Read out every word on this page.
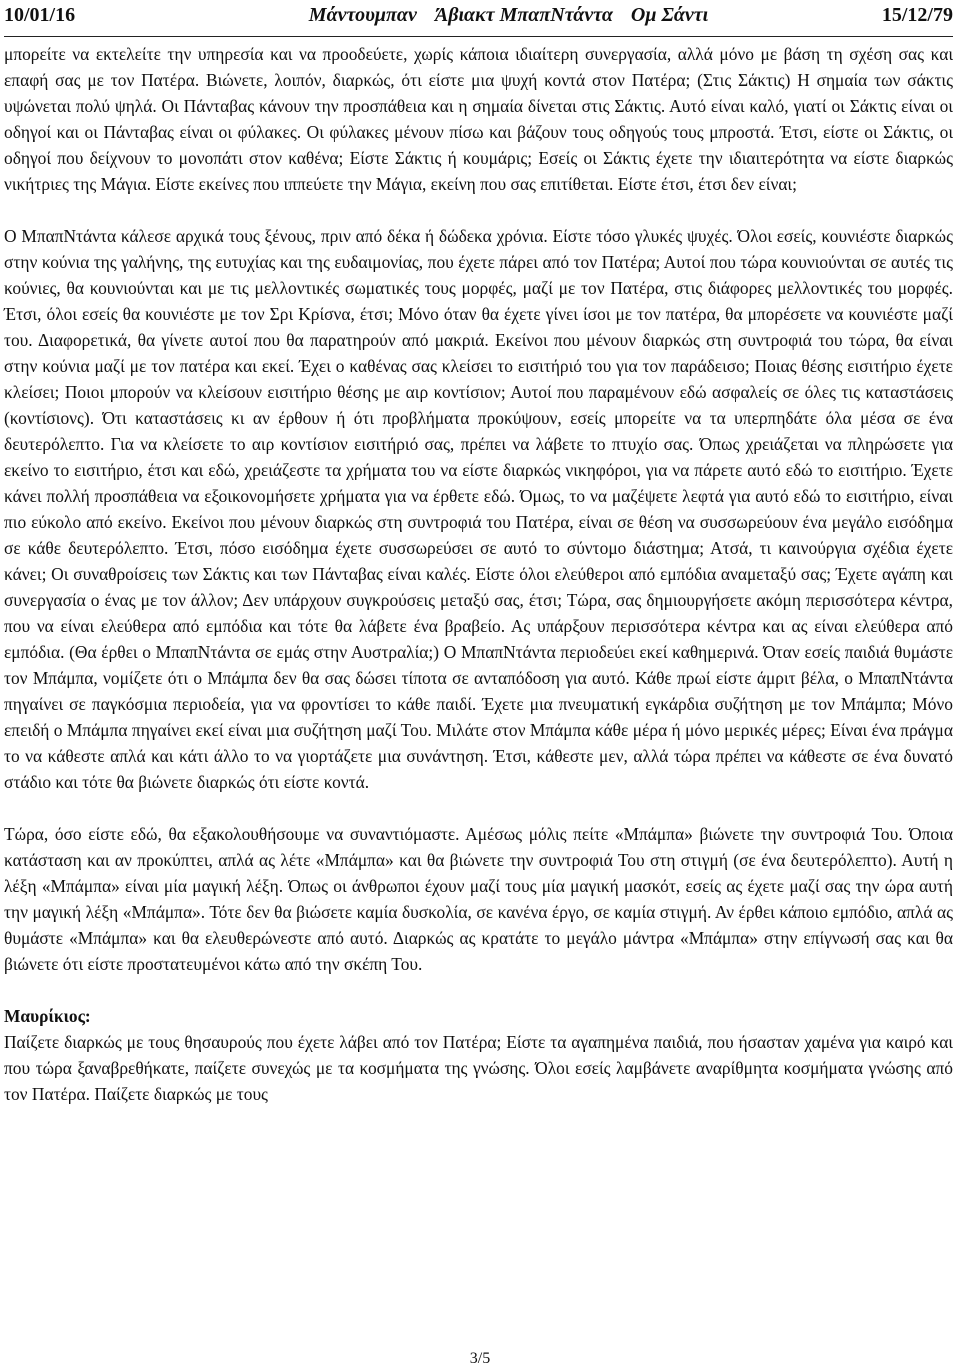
10/01/16	Μάντουμπαν Άβιακτ ΜπαπΝτάντα Ομ Σάντι	15/12/79

μπορείτε να εκτελείτε την υπηρεσία και να προοδεύετε, χωρίς κάποια ιδιαίτερη συνεργασία, αλλά μόνο με βάση τη σχέση σας και επαφή σας με τον Πατέρα. Βιώνετε, λοιπόν, διαρκώς, ότι είστε μια ψυχή κοντά στον Πατέρα; (Στις Σάκτις) Η σημαία των σάκτις υψώνεται πολύ ψηλά. Οι Πάνταβας κάνουν την προσπάθεια και η σημαία δίνεται στις Σάκτις. Αυτό είναι καλό, γιατί οι Σάκτις είναι οι οδηγοί και οι Πάνταβας είναι οι φύλακες. Οι φύλακες μένουν πίσω και βάζουν τους οδηγούς τους μπροστά. Έτσι, είστε οι Σάκτις, οι οδηγοί που δείχνουν το μονοπάτι στον καθένα; Είστε Σάκτις ή κουμάρις; Εσείς οι Σάκτις έχετε την ιδιαιτερότητα να είστε διαρκώς νικήτριες της Μάγια. Είστε εκείνες που ιππεύετε την Μάγια, εκείνη που σας επιτίθεται. Είστε έτσι, έτσι δεν είναι;

Ο ΜπαπΝτάντα κάλεσε αρχικά τους ξένους, πριν από δέκα ή δώδεκα χρόνια. Είστε τόσο γλυκές ψυχές. Όλοι εσείς, κουνιέστε διαρκώς στην κούνια της γαλήνης, της ευτυχίας και της ευδαιμονίας, που έχετε πάρει από τον Πατέρα; Αυτοί που τώρα κουνιούνται σε αυτές τις κούνιες, θα κουνιούνται και με τις μελλοντικές σωματικές τους μορφές, μαζί με τον Πατέρα, στις διάφορες μελλοντικές του μορφές. Έτσι, όλοι εσείς θα κουνιέστε με τον Σρι Κρίσνα, έτσι; Μόνο όταν θα έχετε γίνει ίσοι με τον πατέρα, θα μπορέσετε να κουνιέστε μαζί του. Διαφορετικά, θα γίνετε αυτοί που θα παρατηρούν από μακριά. Εκείνοι που μένουν διαρκώς στη συντροφιά του τώρα, θα είναι στην κούνια μαζί με τον πατέρα και εκεί. Έχει ο καθένας σας κλείσει το εισιτήριό του για τον παράδεισο; Ποιας θέσης εισιτήριο έχετε κλείσει; Ποιοι μπορούν να κλείσουν εισιτήριο θέσης με αιρ κοντίσιον; Αυτοί που παραμένουν εδώ ασφαλείς σε όλες τις καταστάσεις (κοντίσιονς). Ότι καταστάσεις κι αν έρθουν ή ότι προβλήματα προκύψουν, εσείς μπορείτε να τα υπερπηδάτε όλα μέσα σε ένα δευτερόλεπτο. Για να κλείσετε το αιρ κοντίσιον εισιτήριό σας, πρέπει να λάβετε το πτυχίο σας. Όπως χρειάζεται να πληρώσετε για εκείνο το εισιτήριο, έτσι και εδώ, χρειάζεστε τα χρήματα του να είστε διαρκώς νικηφόροι, για να πάρετε αυτό εδώ το εισιτήριο. Έχετε κάνει πολλή προσπάθεια να εξοικονομήσετε χρήματα για να έρθετε εδώ. Όμως, το να μαζέψετε λεφτά για αυτό εδώ το εισιτήριο, είναι πιο εύκολο από εκείνο. Εκείνοι που μένουν διαρκώς στη συντροφιά του Πατέρα, είναι σε θέση να συσσωρεύουν ένα μεγάλο εισόδημα σε κάθε δευτερόλεπτο. Έτσι, πόσο εισόδημα έχετε συσσωρεύσει σε αυτό το σύντομο διάστημα; Ατσά, τι καινούργια σχέδια έχετε κάνει; Οι συναθροίσεις των Σάκτις και των Πάνταβας είναι καλές. Είστε όλοι ελεύθεροι από εμπόδια αναμεταξύ σας; Έχετε αγάπη και συνεργασία ο ένας με τον άλλον; Δεν υπάρχουν συγκρούσεις μεταξύ σας, έτσι; Τώρα, σας δημιουργήσετε ακόμη περισσότερα κέντρα, που να είναι ελεύθερα από εμπόδια και τότε θα λάβετε ένα βραβείο. Ας υπάρξουν περισσότερα κέντρα και ας είναι ελεύθερα από εμπόδια. (Θα έρθει ο ΜπαπΝτάντα σε εμάς στην Αυστραλία;) Ο ΜπαπΝτάντα περιοδεύει εκεί καθημερινά. Όταν εσείς παιδιά θυμάστε τον Μπάμπα, νομίζετε ότι ο Μπάμπα δεν θα σας δώσει τίποτα σε ανταπόδοση για αυτό. Κάθε πρωί είστε άμριτ βέλα, ο ΜπαπΝτάντα πηγαίνει σε παγκόσμια περιοδεία, για να φροντίσει το κάθε παιδί. Έχετε μια πνευματική εγκάρδια συζήτηση με τον Μπάμπα; Μόνο επειδή ο Μπάμπα πηγαίνει εκεί είναι μια συζήτηση μαζί Του. Μιλάτε στον Μπάμπα κάθε μέρα ή μόνο μερικές μέρες; Είναι ένα πράγμα το να κάθεστε απλά και κάτι άλλο το να γιορτάζετε μια συνάντηση. Έτσι, κάθεστε μεν, αλλά τώρα πρέπει να κάθεστε σε ένα δυνατό στάδιο και τότε θα βιώνετε διαρκώς ότι είστε κοντά.

Τώρα, όσο είστε εδώ, θα εξακολουθήσουμε να συναντιόμαστε. Αμέσως μόλις πείτε «Μπάμπα» βιώνετε την συντροφιά Του. Όποια κατάσταση και αν προκύπτει, απλά ας λέτε «Μπάμπα» και θα βιώνετε την συντροφιά Του στη στιγμή (σε ένα δευτερόλεπτο). Αυτή η λέξη «Μπάμπα» είναι μία μαγική λέξη. Όπως οι άνθρωποι έχουν μαζί τους μία μαγική μασκότ, εσείς ας έχετε μαζί σας την ώρα αυτή την μαγική λέξη «Μπάμπα». Τότε δεν θα βιώσετε καμία δυσκολία, σε κανένα έργο, σε καμία στιγμή. Αν έρθει κάποιο εμπόδιο, απλά ας θυμάστε «Μπάμπα» και θα ελευθερώνεστε από αυτό. Διαρκώς ας κρατάτε το μεγάλο μάντρα «Μπάμπα» στην επίγνωσή σας και θα βιώνετε ότι είστε προστατευμένοι κάτω από την σκέπη Του.

Μαυρίκιος:

Παίζετε διαρκώς με τους θησαυρούς που έχετε λάβει από τον Πατέρα; Είστε τα αγαπημένα παιδιά, που ήσασταν χαμένα για καιρό και που τώρα ξαναβρεθήκατε, παίζετε συνεχώς με τα κοσμήματα της γνώσης. Όλοι εσείς λαμβάνετε αναρίθμητα κοσμήματα γνώσης από τον Πατέρα. Παίζετε διαρκώς με τους

3/5
